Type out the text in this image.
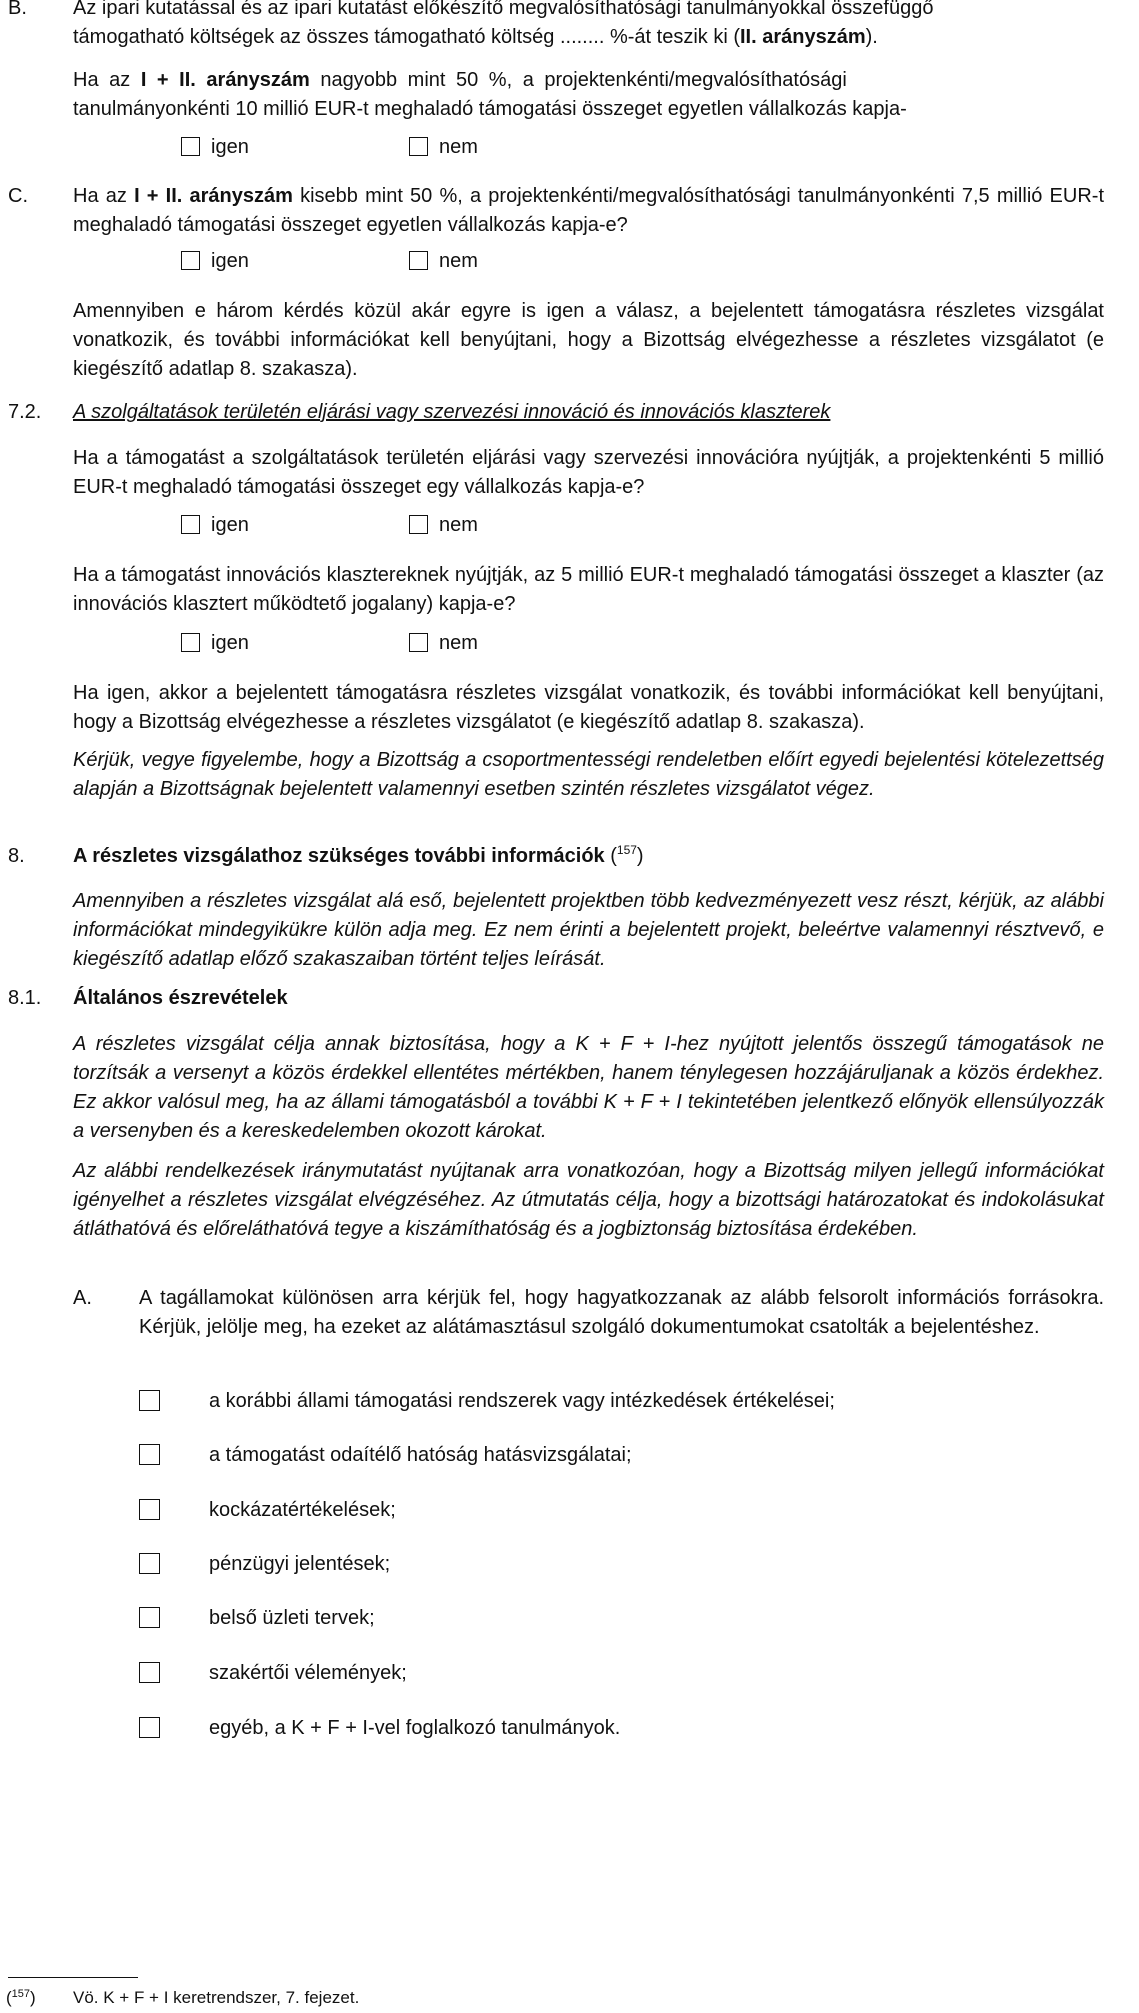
B. Az ipari kutatással és az ipari kutatást előkészítő megvalósíthatósági tanulmányokkal összefüggő
támogatható költségek az összes támogatható költség ........ %-át teszik ki (II. arányszám).
Ha az I + II. arányszám nagyobb mint 50 %, a projektenkénti/megvalósíthatósági
tanulmányonkénti 10 millió EUR-t meghaladó támogatási összeget egyetlen vállalkozás kapja-
igen	nem
C. Ha az I + II. arányszám kisebb mint 50 %, a projektenkénti/megvalósíthatósági tanulmányonkénti 7,5 millió EUR-t meghaladó támogatási összeget egyetlen vállalkozás kapja-e?
igen	nem
Amennyiben e három kérdés közül akár egyre is igen a válasz, a bejelentett támogatásra részletes vizsgálat vonatkozik, és további információkat kell benyújtani, hogy a Bizottság elvégezhesse a részletes vizsgálatot (e kiegészítő adatlap 8. szakasza).
7.2. A szolgáltatások területén eljárási vagy szervezési innováció és innovációs klaszterek
Ha a támogatást a szolgáltatások területén eljárási vagy szervezési innovációra nyújtják, a projektenkénti 5 millió EUR-t meghaladó támogatási összeget egy vállalkozás kapja-e?
igen	nem
Ha a támogatást innovációs klasztereknek nyújtják, az 5 millió EUR-t meghaladó támogatási összeget a klaszter (az innovációs klasztert működtető jogalany) kapja-e?
igen	nem
Ha igen, akkor a bejelentett támogatásra részletes vizsgálat vonatkozik, és további információkat kell benyújtani, hogy a Bizottság elvégezhesse a részletes vizsgálatot (e kiegészítő adatlap 8. szakasza).
Kérjük, vegye figyelembe, hogy a Bizottság a csoportmentességi rendeletben előírt egyedi bejelentési kötelezettség alapján a Bizottságnak bejelentett valamennyi esetben szintén részletes vizsgálatot végez.
8. A részletes vizsgálathoz szükséges további információk ($^{157}$)
Amennyiben a részletes vizsgálat alá eső, bejelentett projektben több kedvezményezett vesz részt, kérjük, az alábbi információkat mindegyikükre külön adja meg. Ez nem érinti a bejelentett projekt, beleértve valamennyi résztvevő, e kiegészítő adatlap előző szakaszaiban történt teljes leírását.
8.1. Általános észrevételek
A részletes vizsgálat célja annak biztosítása, hogy a K + F + I-hez nyújtott jelentős összegű támogatások ne torzítsák a versenyt a közös érdekkel ellentétes mértékben, hanem ténylegesen hozzájáruljanak a közös érdekhez. Ez akkor valósul meg, ha az állami támogatásból a további K + F + I tekintetében jelentkező előnyök ellensúlyozzák a versenyben és a kereskedelemben okozott károkat.
Az alábbi rendelkezések iránymutatást nyújtanak arra vonatkozóan, hogy a Bizottság milyen jellegű információkat igényelhet a részletes vizsgálat elvégzéséhez. Az útmutatás célja, hogy a bizottsági határozatokat és indokolásukat átláthatóvá és előreláthatóvá tegye a kiszámíthatóság és a jogbiztonság biztosítása érdekében.
A. A tagállamokat különösen arra kérjük fel, hogy hagyatkozzanak az alább felsorolt információs forrásokra. Kérjük, jelölje meg, ha ezeket az alátámasztásul szolgáló dokumentumokat csatolták a bejelentéshez.
a korábbi állami támogatási rendszerek vagy intézkedések értékelései;
a támogatást odaítélő hatóság hatásvizsgálatai;
kockázatértékelések;
pénzügyi jelentések;
belső üzleti tervek;
szakértői vélemények;
egyéb, a K + F + I-vel foglalkozó tanulmányok.
($^{157}$) Vö. K + F + I keretrendszer, 7. fejezet.
